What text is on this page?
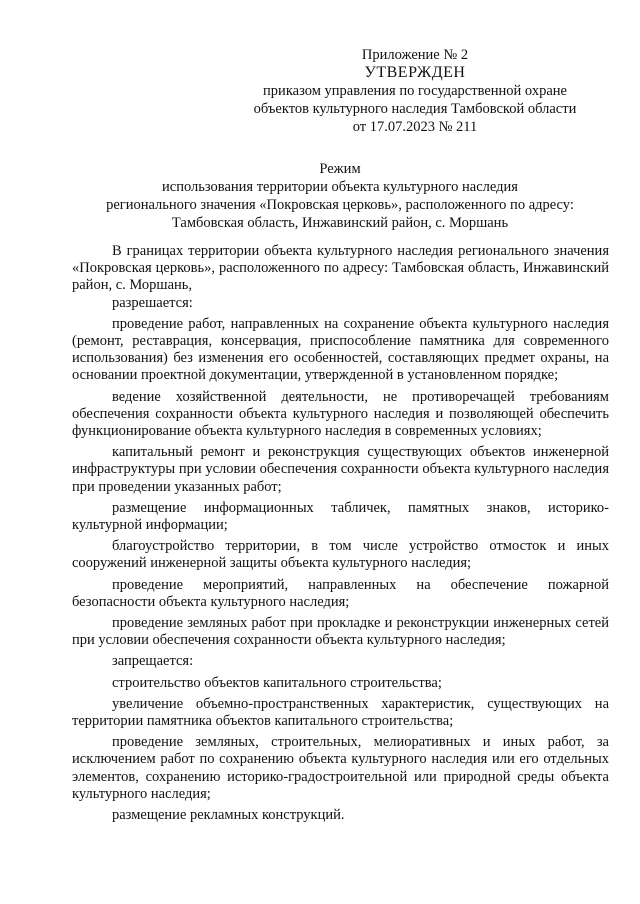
Приложение № 2
УТВЕРЖДЕН
приказом управления по государственной охране
объектов культурного наследия Тамбовской области
от 17.07.2023 № 211
Режим
использования территории объекта культурного наследия
регионального значения «Покровская церковь», расположенного по адресу:
Тамбовская область, Инжавинский район, с. Моршань

В границах территории объекта культурного наследия регионального значения «Покровская церковь», расположенного по адресу: Тамбовская область, Инжавинский район, с. Моршань,

разрешается:

проведение работ, направленных на сохранение объекта культурного наследия (ремонт, реставрация, консервация, приспособление памятника для современного использования) без изменения его особенностей, составляющих предмет охраны, на основании проектной документации, утвержденной в установленном порядке;

ведение хозяйственной деятельности, не противоречащей требованиям обеспечения сохранности объекта культурного наследия и позволяющей обеспечить функционирование объекта культурного наследия в современных условиях;

капитальный ремонт и реконструкция существующих объектов инженерной инфраструктуры при условии обеспечения сохранности объекта культурного наследия при проведении указанных работ;

размещение информационных табличек, памятных знаков, историко-культурной информации;

благоустройство территории, в том числе устройство отмосток и иных сооружений инженерной защиты объекта культурного наследия;

проведение мероприятий, направленных на обеспечение пожарной безопасности объекта культурного наследия;

проведение земляных работ при прокладке и реконструкции инженерных сетей при условии обеспечения сохранности объекта культурного наследия;

запрещается:

строительство объектов капитального строительства;

увеличение объемно-пространственных характеристик, существующих на территории памятника объектов капитального строительства;

проведение земляных, строительных, мелиоративных и иных работ, за исключением работ по сохранению объекта культурного наследия или его отдельных элементов, сохранению историко-градостроительной или природной среды объекта культурного наследия;

размещение рекламных конструкций.
